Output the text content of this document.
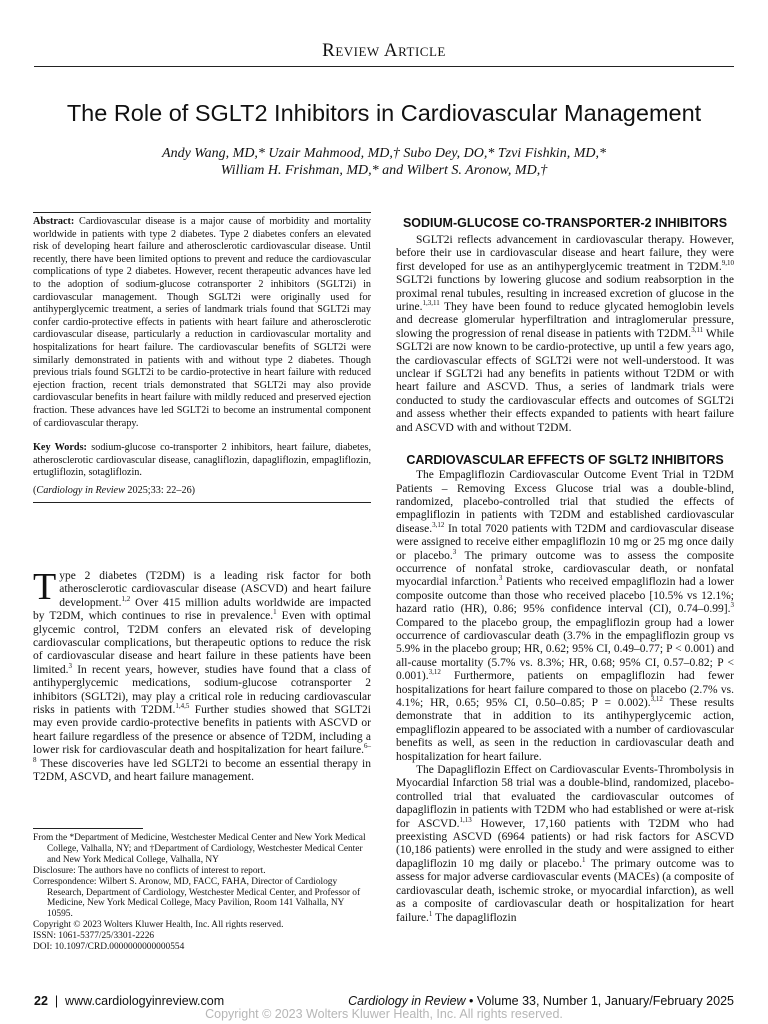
Review Article
The Role of SGLT2 Inhibitors in Cardiovascular Management
Andy Wang, MD,* Uzair Mahmood, MD,† Subo Dey, DO,* Tzvi Fishkin, MD,*
William H. Frishman, MD,* and Wilbert S. Aronow, MD,†

Abstract: Cardiovascular disease is a major cause of morbidity and mortality worldwide in patients with type 2 diabetes. Type 2 diabetes confers an elevated risk of developing heart failure and atherosclerotic cardiovascular disease. Until recently, there have been limited options to prevent and reduce the cardiovascular complications of type 2 diabetes. However, recent therapeutic advances have led to the adoption of sodium-glucose cotransporter 2 inhibitors (SGLT2i) in cardiovascular management. Though SGLT2i were originally used for antihyperglycemic treatment, a series of landmark trials found that SGLT2i may confer cardio-protective effects in patients with heart failure and atherosclerotic cardiovascular disease, particularly a reduction in cardiovascular mortality and hospitalizations for heart failure. The cardiovascular benefits of SGLT2i were similarly demonstrated in patients with and without type 2 diabetes. Though previous trials found SGLT2i to be cardio-protective in heart failure with reduced ejection fraction, recent trials demonstrated that SGLT2i may also provide cardiovascular benefits in heart failure with mildly reduced and preserved ejection fraction. These advances have led SGLT2i to become an instrumental component of cardiovascular therapy.

Key Words: sodium-glucose co-transporter 2 inhibitors, heart failure, diabetes, atherosclerotic cardiovascular disease, canagliflozin, dapagliflozin, empagliflozin, ertugliflozin, sotagliflozin.

(Cardiology in Review 2025;33: 22–26)

Type 2 diabetes (T2DM) is a leading risk factor for both atherosclerotic cardiovascular disease (ASCVD) and heart failure development.$^{1,2}$ Over 415 million adults worldwide are impacted by T2DM, which continues to rise in prevalence.$^1$ Even with optimal glycemic control, T2DM confers an elevated risk of developing cardiovascular complications, but therapeutic options to reduce the risk of cardiovascular disease and heart failure in these patients have been limited.$^3$ In recent years, however, studies have found that a class of antihyperglycemic medications, sodium-glucose cotransporter 2 inhibitors (SGLT2i), may play a critical role in reducing cardiovascular risks in patients with T2DM.$^{1,4,5}$ Further studies showed that SGLT2i may even provide cardio-protective benefits in patients with ASCVD or heart failure regardless of the presence or absence of T2DM, including a lower risk for cardiovascular death and hospitalization for heart failure.$^{6-8}$ These discoveries have led SGLT2i to become an essential therapy in T2DM, ASCVD, and heart failure management.

From the *Department of Medicine, Westchester Medical Center and New York Medical College, Valhalla, NY; and †Department of Cardiology, Westchester Medical Center and New York Medical College, Valhalla, NY

Disclosure: The authors have no conflicts of interest to report.

Correspondence: Wilbert S. Aronow, MD, FACC, FAHA, Director of Cardiology Research, Department of Cardiology, Westchester Medical Center, and Professor of Medicine, New York Medical College, Macy Pavilion, Room 141 Valhalla, NY 10595.

Copyright © 2023 Wolters Kluwer Health, Inc. All rights reserved.

ISSN: 1061-5377/25/3301-2226

DOI: 10.1097/CRD.0000000000000554

SODIUM-GLUCOSE CO-TRANSPORTER-2 INHIBITORS

SGLT2i reflects advancement in cardiovascular therapy. However, before their use in cardiovascular disease and heart failure, they were first developed for use as an antihyperglycemic treatment in T2DM.$^{9,10}$ SGLT2i functions by lowering glucose and sodium reabsorption in the proximal renal tubules, resulting in increased excretion of glucose in the urine.$^{1,3,11}$ They have been found to reduce glycated hemoglobin levels and decrease glomerular hyperfiltration and intraglomerular pressure, slowing the progression of renal disease in patients with T2DM.$^{3,11}$ While SGLT2i are now known to be cardio-protective, up until a few years ago, the cardiovascular effects of SGLT2i were not well-understood. It was unclear if SGLT2i had any benefits in patients without T2DM or with heart failure and ASCVD. Thus, a series of landmark trials were conducted to study the cardiovascular effects and outcomes of SGLT2i and assess whether their effects expanded to patients with heart failure and ASCVD with and without T2DM.

CARDIOVASCULAR EFFECTS OF SGLT2 INHIBITORS

The Empagliflozin Cardiovascular Outcome Event Trial in T2DM Patients – Removing Excess Glucose trial was a double-blind, randomized, placebo-controlled trial that studied the effects of empagliflozin in patients with T2DM and established cardiovascular disease.$^{3,12}$ In total 7020 patients with T2DM and cardiovascular disease were assigned to receive either empagliflozin 10 mg or 25 mg once daily or placebo.$^3$ The primary outcome was to assess the composite occurrence of nonfatal stroke, cardiovascular death, or nonfatal myocardial infarction.$^3$ Patients who received empagliflozin had a lower composite outcome than those who received placebo [10.5% vs 12.1%; hazard ratio (HR), 0.86; 95% confidence interval (CI), 0.74–0.99].$^3$ Compared to the placebo group, the empagliflozin group had a lower occurrence of cardiovascular death (3.7% in the empagliflozin group vs 5.9% in the placebo group; HR, 0.62; 95% CI, 0.49–0.77; P < 0.001) and all-cause mortality (5.7% vs. 8.3%; HR, 0.68; 95% CI, 0.57–0.82; P < 0.001).$^{3,12}$ Furthermore, patients on empagliflozin had fewer hospitalizations for heart failure compared to those on placebo (2.7% vs. 4.1%; HR, 0.65; 95% CI, 0.50–0.85; P = 0.002).$^{3,12}$ These results demonstrate that in addition to its antihyperglycemic action, empagliflozin appeared to be associated with a number of cardiovascular benefits as well, as seen in the reduction in cardiovascular death and hospitalization for heart failure.

The Dapagliflozin Effect on Cardiovascular Events-Thrombolysis in Myocardial Infarction 58 trial was a double-blind, randomized, placebo-controlled trial that evaluated the cardiovascular outcomes of dapagliflozin in patients with T2DM who had established or were at-risk for ASCVD.$^{1,13}$ However, 17,160 patients with T2DM who had preexisting ASCVD (6964 patients) or had risk factors for ASCVD (10,186 patients) were enrolled in the study and were assigned to either dapagliflozin 10 mg daily or placebo.$^1$ The primary outcome was to assess for major adverse cardiovascular events (MACEs) (a composite of cardiovascular death, ischemic stroke, or myocardial infarction), as well as a composite of cardiovascular death or hospitalization for heart failure.$^1$ The dapagliflozin

22  |  www.cardiologyinreview.com	Cardiology in Review • Volume 33, Number 1, January/February 2025
Copyright © 2023 Wolters Kluwer Health, Inc. All rights reserved.
